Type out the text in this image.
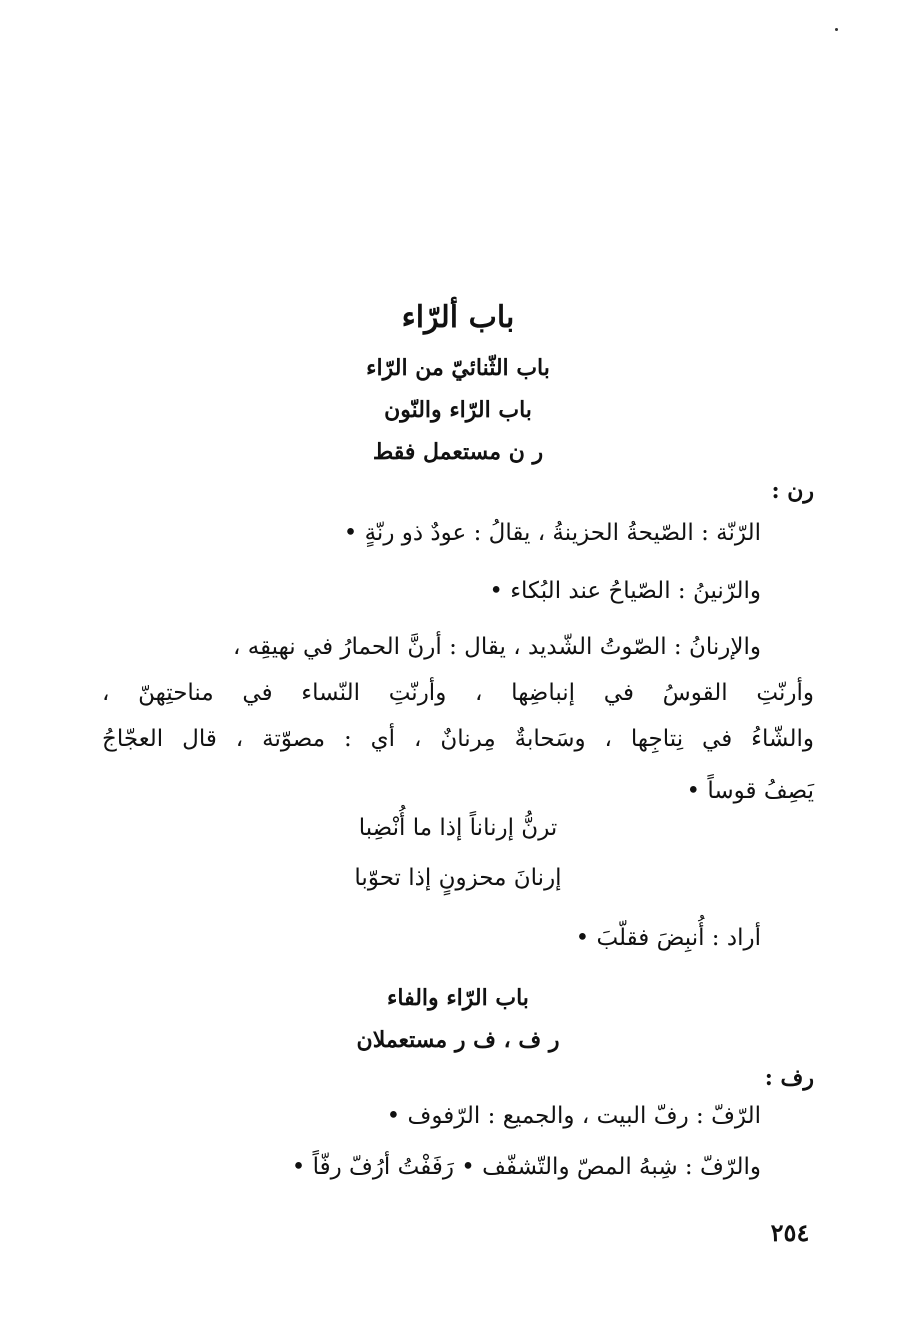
باب ألرّاء
باب الثّنائيّ من الرّاء
باب الرّاء والنّون
ر ن مستعمل فقط
رن :
الرّنّة : الصّيحةُ الحزينةُ ، يقالُ : عودٌ ذو رنّةٍ •
والرّنينُ : الصّياحُ عند البُكاء •
والإرنانُ : الصّوتُ الشّديد ، يقال : أرنَّ الحمارُ في نهيقِه ،
وأرنّتِ القوسُ في إنباضِها ، وأرنّتِ النّساء في مناحتِهنّ ،
والشّاءُ في نِتاجِها ، وسَحابةٌ مِرنانٌ ، أي : مصوّتة ، قال العجّاجُ
يَصِفُ قوساً •
ترنُّ إرناناً إذا ما أُنْضِبا
إرنانَ محزونٍ إذا تحوّبا
أراد : أُنبِضَ فقلّبَ •
باب الرّاء والفاء
ر ف ، ف ر مستعملان
رف :
الرّفّ : رفّ البيت ، والجميع : الرّفوف •
والرّفّ : شِبهُ المصّ والتّشفّف • رَفَفْتُ أرُفّ رفّاً •
٢٥٤
